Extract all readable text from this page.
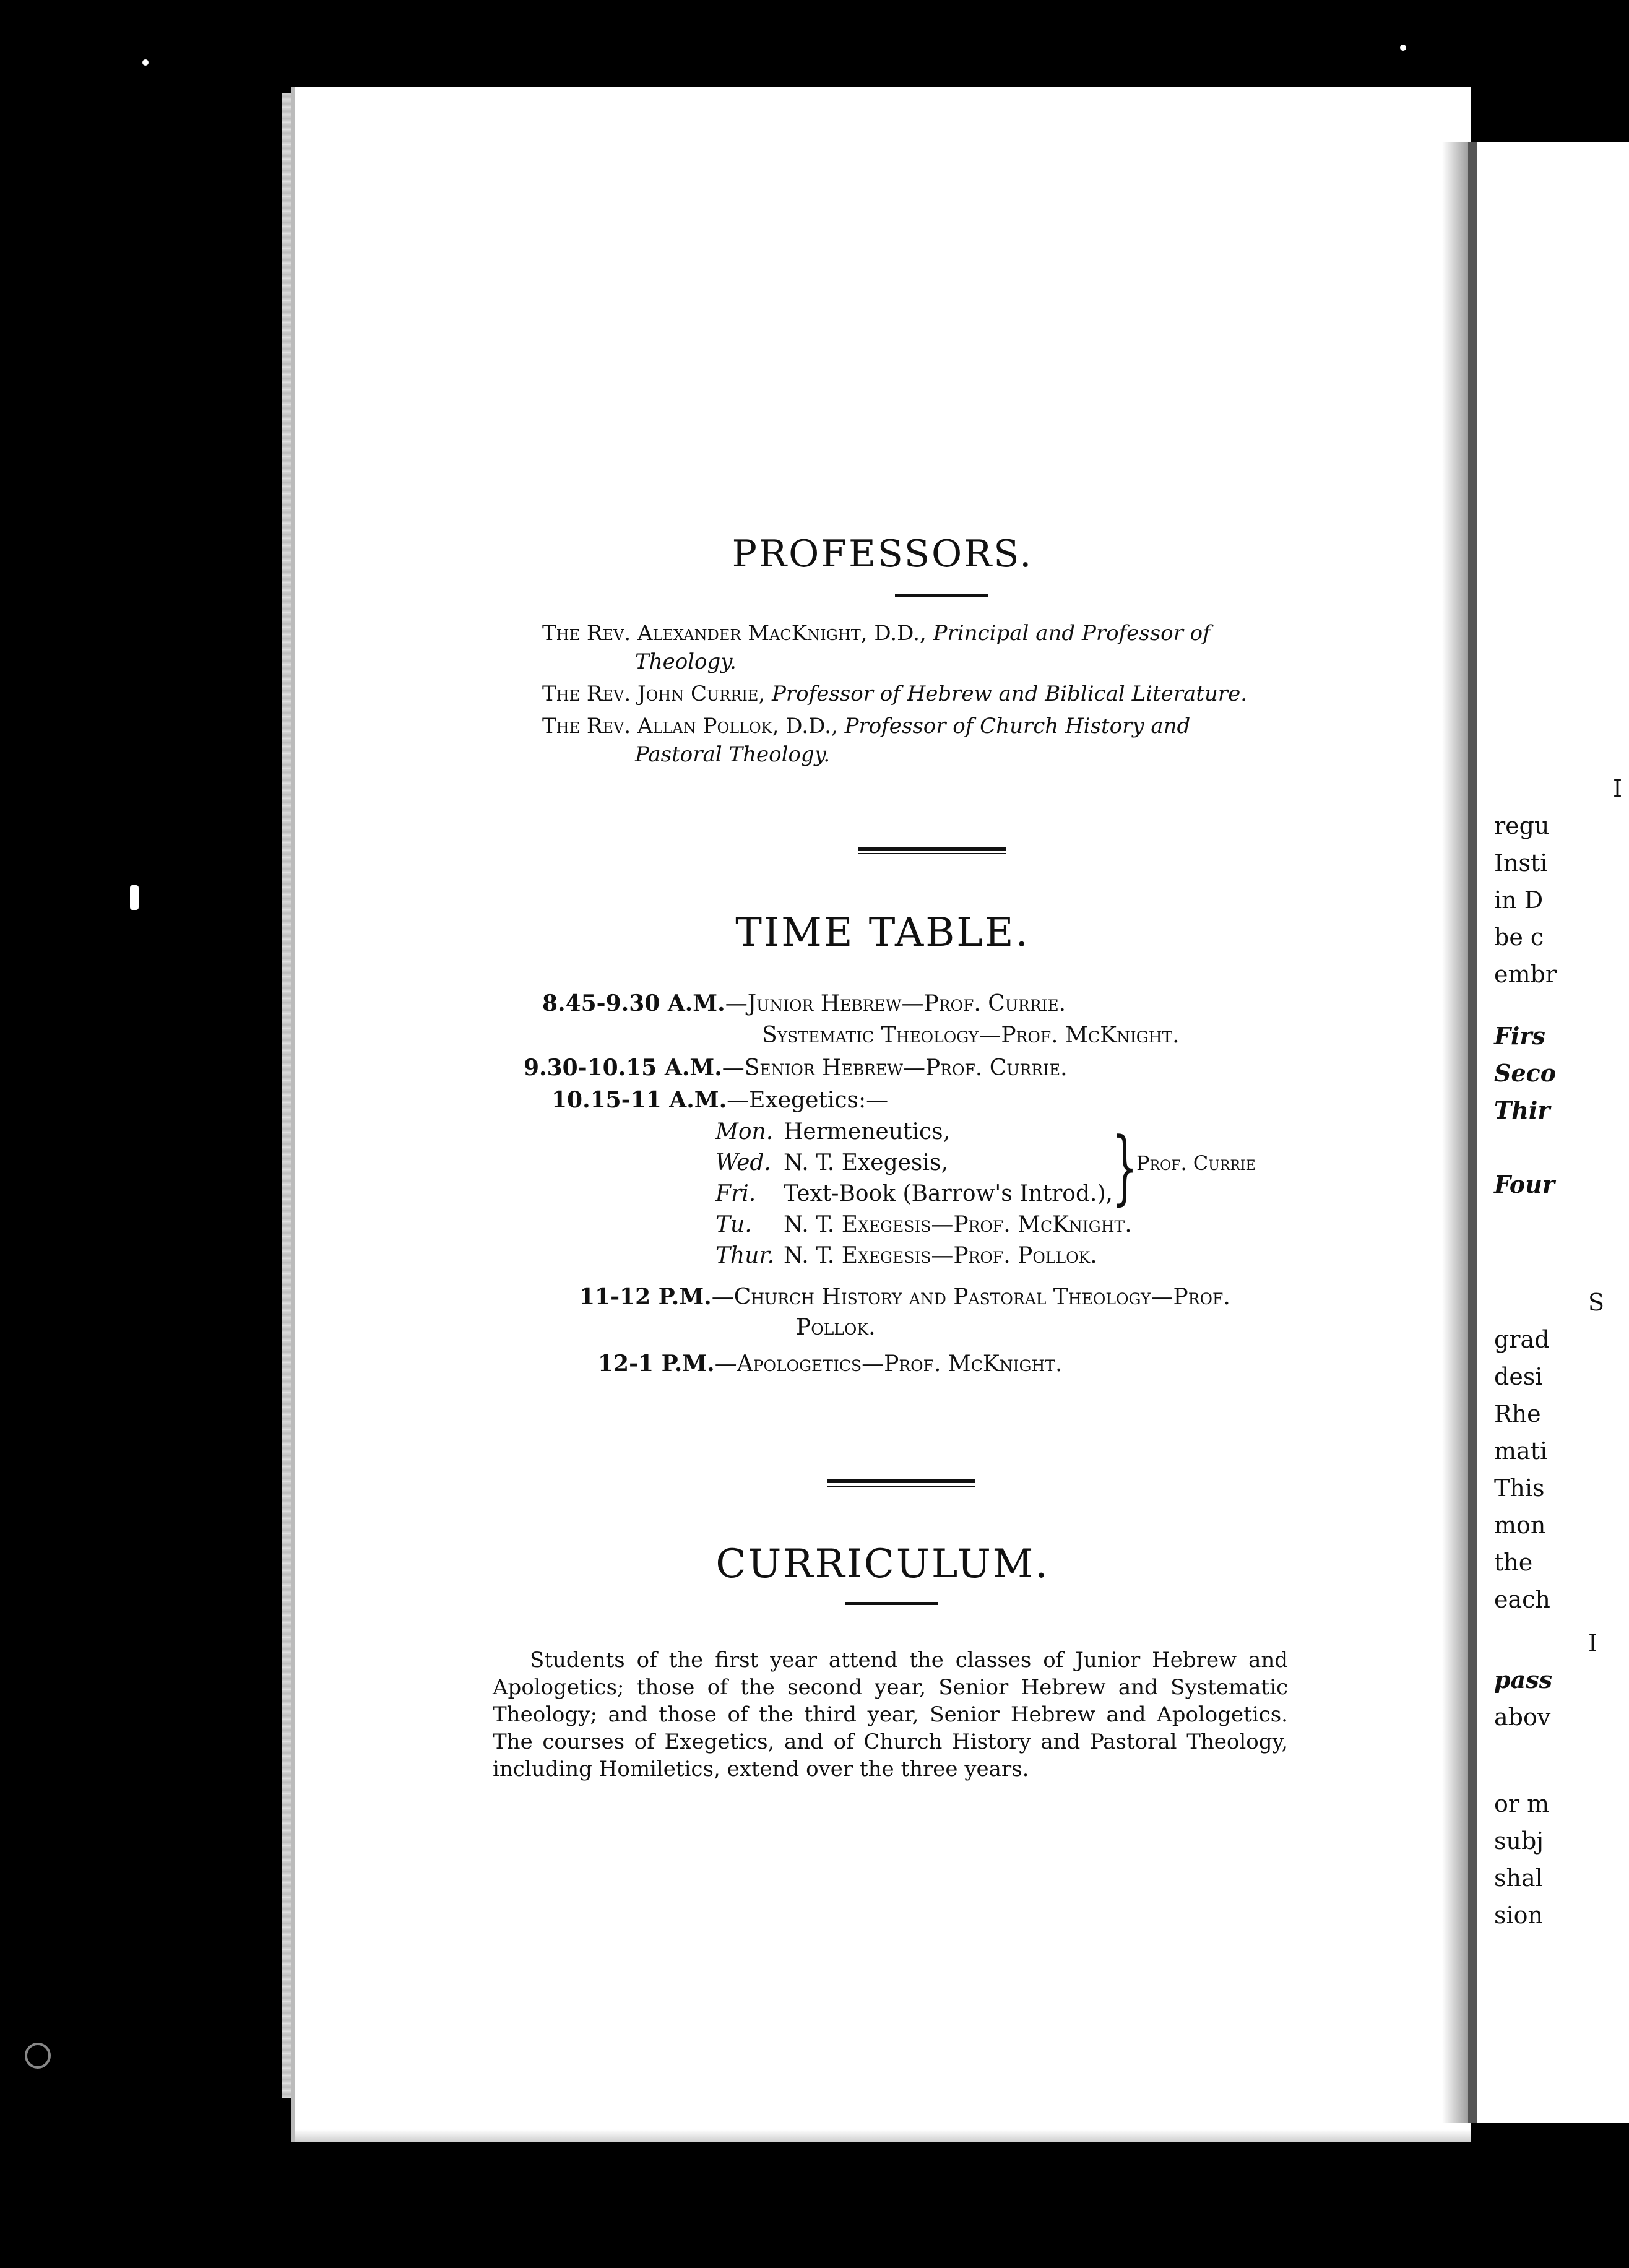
PROFESSORS.

The Rev. Alexander MacKnight, D.D., Principal and Professor of
Theology.

The Rev. John Currie, Professor of Hebrew and Biblical Literature.

The Rev. Allan Pollok, D.D., Professor of Church History and
Pastoral Theology.

TIME TABLE.
8.45-9.30 A.M.—Junior Hebrew—Prof. Currie.
Systematic Theology—Prof. McKnight.
9.30-10.15 A.M.—Senior Hebrew—Prof. Currie.
10.15-11 A.M.—Exegetics:—
Mon. Hermeneutics,
Wed. N. T. Exegesis,
Fri. Text-Book (Barrow's Introd.),
}
Prof. Currie
Tu. N. T. Exegesis—Prof. McKnight.
Thur. N. T. Exegesis—Prof. Pollok.
11-12 P.M.—Church History and Pastoral Theology—Prof.
Pollok.
12-1 P.M.—Apologetics—Prof. McKnight.
CURRICULUM.

Students of the first year attend the classes of Junior Hebrew and Apologetics; those of the second year, Senior Hebrew and Systematic Theology; and those of the third year, Senior Hebrew and Apologetics. The courses of Exegetics, and of Church History and Pastoral Theology, including Homiletics, extend over the three years.

I
regu
Insti
in D
be c
embr
Firs
Seco
Thir
Four
S
grad
desi
Rhe
mati
This
mon
the
each
I
pass
abov
or m
subj
shal
sion
